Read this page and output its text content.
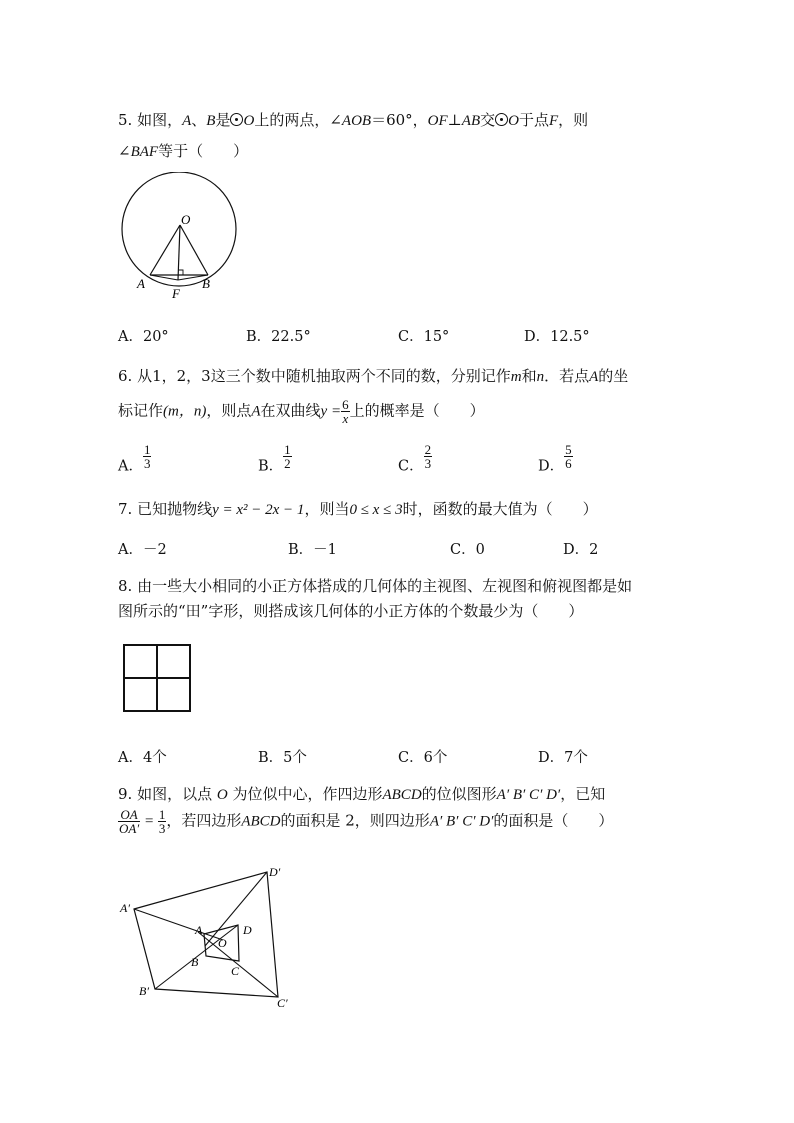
5. 如图，A、B是 O上的两点，∠AOB＝60°，OF⊥AB交 O于点F，则
∠BAF等于（　　）
O
A
F
B
A．20°	B．22.5°	C．15°	D．12.5°
6. 从1，2，3这三个数中随机抽取两个不同的数，分别记作m和n．若点A的坐
标记作(m，n)，则点A在双曲线$y = \frac{6}{x}$ 上的概率是（　　）
A． $\frac{1}{3}$	B． $\frac{1}{2}$	C． $\frac{2}{3}$	D． $\frac{5}{6}$
7. 已知抛物线y = x² − 2x − 1，则当0 ≤ x ≤ 3时，函数的最大值为（　　）
A．－2	B．－1	C．0	D．2
8. 由一些大小相同的小正方体搭成的几何体的主视图、左视图和俯视图都是如
图所示的“田”字形，则搭成该几何体的小正方体的个数最少为（　　）
A．4个	B．5个	C．6个	D．7个
9. 如图，以点 O 为位似中心，作四边形ABCD的位似图形A′ B′ C′ D′，已知
$\frac{OA}{OA'} = \frac{1}{3}$ ，若四边形ABCD的面积是 2，则四边形A′ B′ C′ D′的面积是（　　）
A′
D′
B′
C′
A	D
O
B
C
